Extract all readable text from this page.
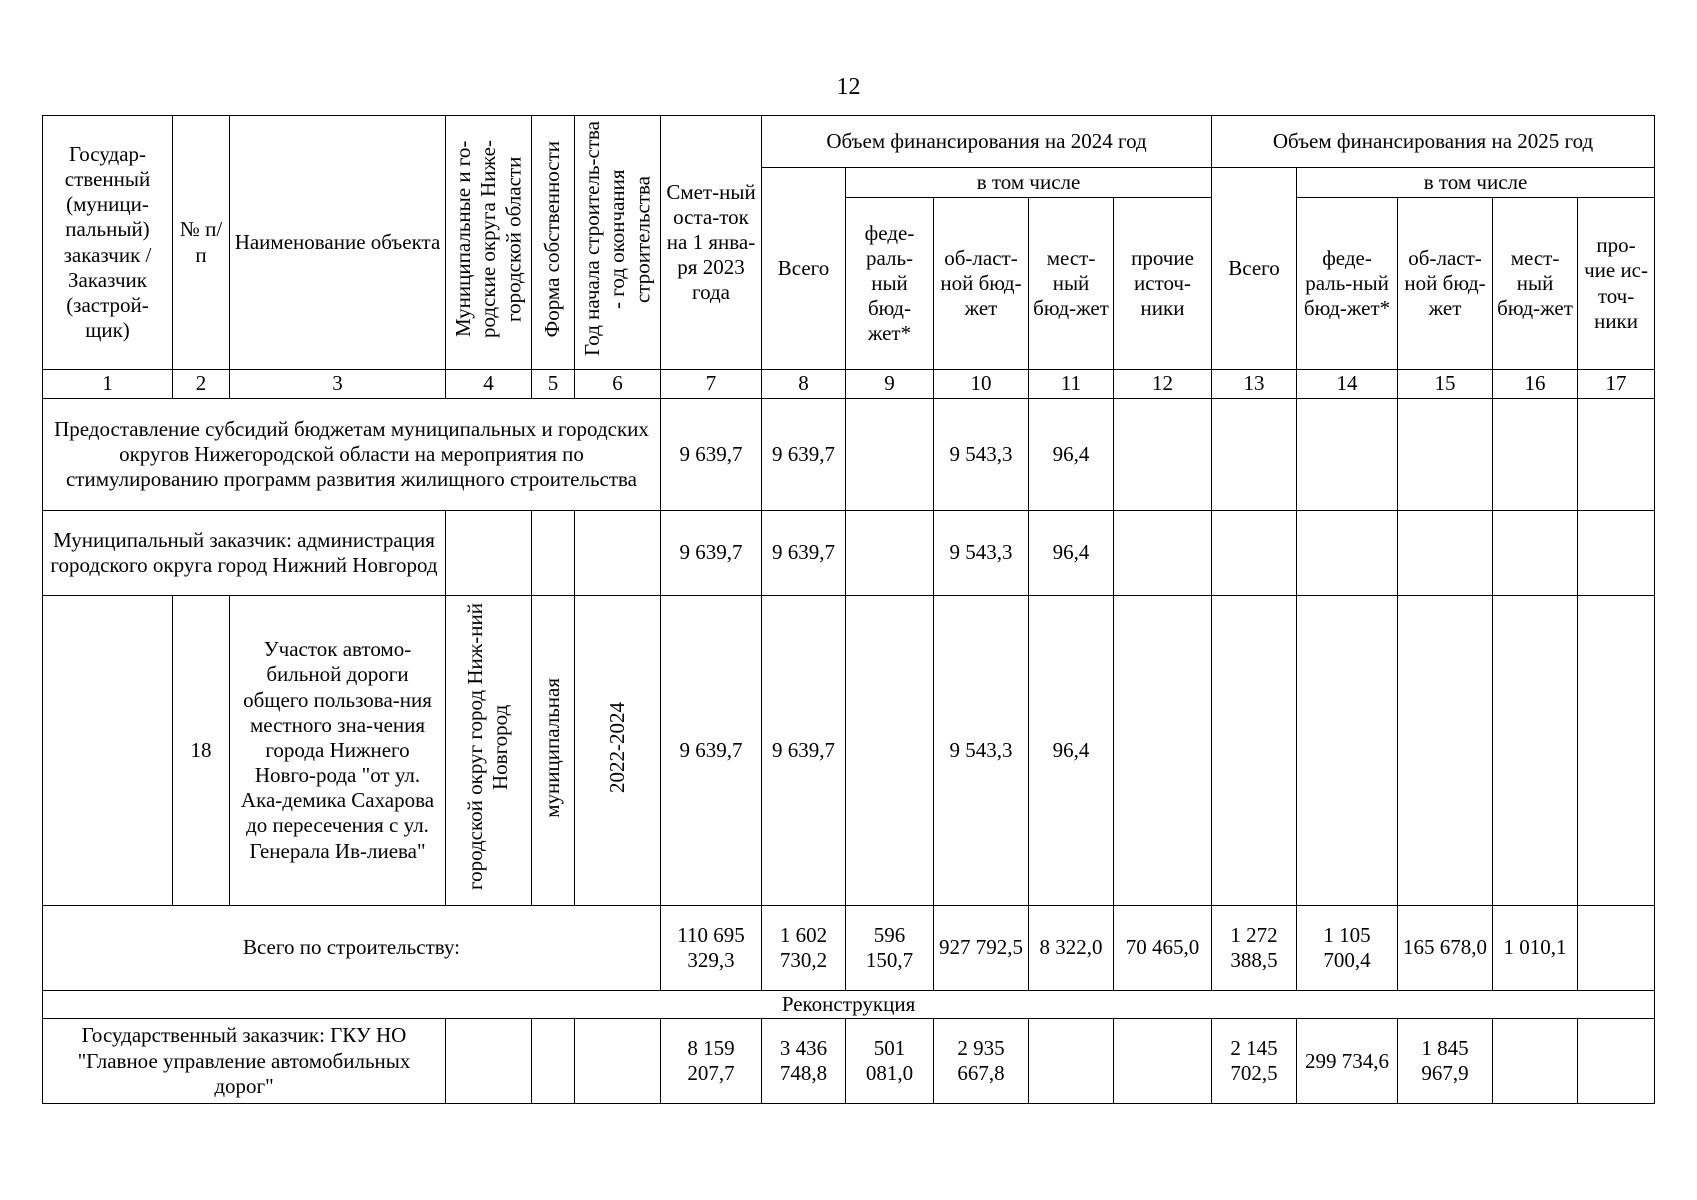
12
Государ-ственный (муници-пальный) заказчик / Заказчик (застрой-щик)	№ п/п	Наименование объекта	Муниципальные и го-родские округа Ниже-городской области	Форма собственности	Год начала строитель-ства - год окончания строительства	Смет-ный оста-ток на 1 янва-ря 2023 года	Объем финансирования на 2024 год					Объем финансирования на 2025 год				
							Всего	в том числе				Всего	в том числе			
								феде-раль-ный бюд-жет*	об-ласт-ной бюд-жет	мест-ный бюд-жет	прочие источ-ники		феде-раль-ный бюд-жет*	об-ласт-ной бюд-жет	мест-ный бюд-жет	про-чие ис-точ-ники
1	2	3	4	5	6	7	8	9	10	11	12	13	14	15	16	17
Предоставление субсидий бюджетам муниципальных и городских округов Нижегородской области на мероприятия по стимулированию программ развития жилищного строительства						9 639,7	9 639,7		9 543,3	96,4						
Муниципальный заказчик: администрация городского округа город Нижний Новгород						9 639,7	9 639,7		9 543,3	96,4						
	18	Участок автомо-бильной дороги общего пользова-ния местного зна-чения города Нижнего Новго-рода "от ул. Ака-демика Сахарова до пересечения с ул. Генерала Ив-лиева"	городской округ город Ниж-ний Новгород	муниципальная	2022-2024	9 639,7	9 639,7		9 543,3	96,4						
Всего по строительству:						110 695 329,3	1 602 730,2	596 150,7	927 792,5	8 322,0	70 465,0	1 272 388,5	1 105 700,4	165 678,0	1 010,1	
Реконструкция																
Государственный заказчик: ГКУ НО "Главное управление автомобильных дорог"						8 159 207,7	3 436 748,8	501 081,0	2 935 667,8			2 145 702,5	299 734,6	1 845 967,9		
